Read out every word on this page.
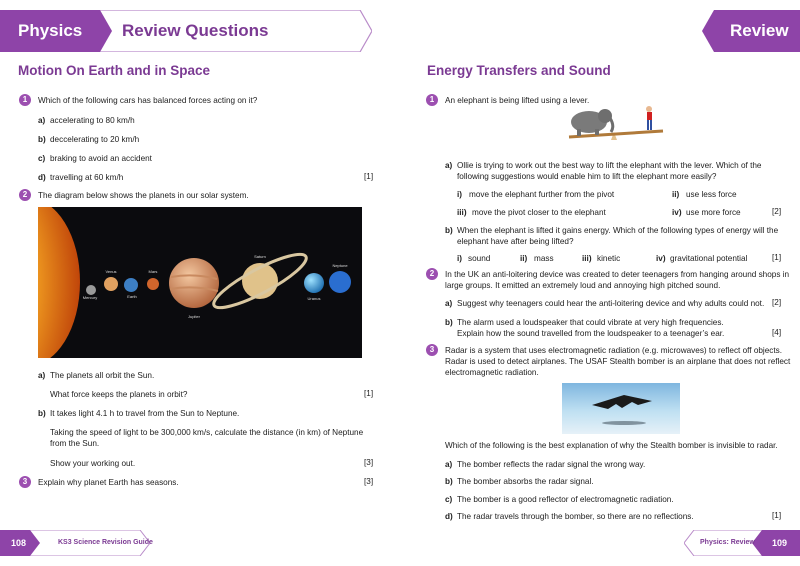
Physics Review Questions
Motion On Earth and in Space
1	Which of the following cars has balanced forces acting on it?
a) accelerating to 80 km/h
b) deccelerating to 20 km/h
c) braking to avoid an accident
d) travelling at 60 km/h	[1]
2	The diagram below shows the planets in our solar system.
Mercury
Venus
Earth
Mars
Jupiter
Saturn
Uranus
Neptune
a) The planets all orbit the Sun.
What force keeps the planets in orbit?	[1]
b) It takes light 4.1 h to travel from the Sun to Neptune.
Taking the speed of light to be 300,000 km/s, calculate the distance (in km) of Neptune
from the Sun.
Show your working out.	[3]
3	Explain why planet Earth has seasons.	[3]
108	KS3 Science Revision Guide
Review
Energy Transfers and Sound
1	An elephant is being lifted using a lever.
a) Ollie is trying to work out the best way to lift the elephant with the lever. Which of the
following suggestions would enable him to lift the elephant more easily?
i) move the elephant further from the pivot	ii) use less force
iii) move the pivot closer to the elephant	iv) use more force	[2]
b) When the elephant is lifted it gains energy. Which of the following types of energy will the
elephant have after being lifted?
i) sound	ii) mass	iii) kinetic	iv) gravitational potential	[1]
2	In the UK an anti-loitering device was created to deter teenagers from hanging around shops in
large groups. It emitted an extremely loud and annoying high pitched sound.
a) Suggest why teenagers could hear the anti-loitering device and why adults could not. [2]
b) The alarm used a loudspeaker that could vibrate at very high frequencies.
Explain how the sound travelled from the loudspeaker to a teenager’s ear.	[4]
3	Radar is a system that uses electromagnetic radiation (e.g. microwaves) to reflect off objects.
Radar is used to detect airplanes. The USAF Stealth bomber is an airplane that does not reflect
electromagnetic radiation.
Which of the following is the best explanation of why the Stealth bomber is invisible to radar.
a) The bomber reflects the radar signal the wrong way.
b) The bomber absorbs the radar signal.
c) The bomber is a good reflector of electromagnetic radiation.
d) The radar travels through the bomber, so there are no reflections.	[1]
Physics: Review 109
